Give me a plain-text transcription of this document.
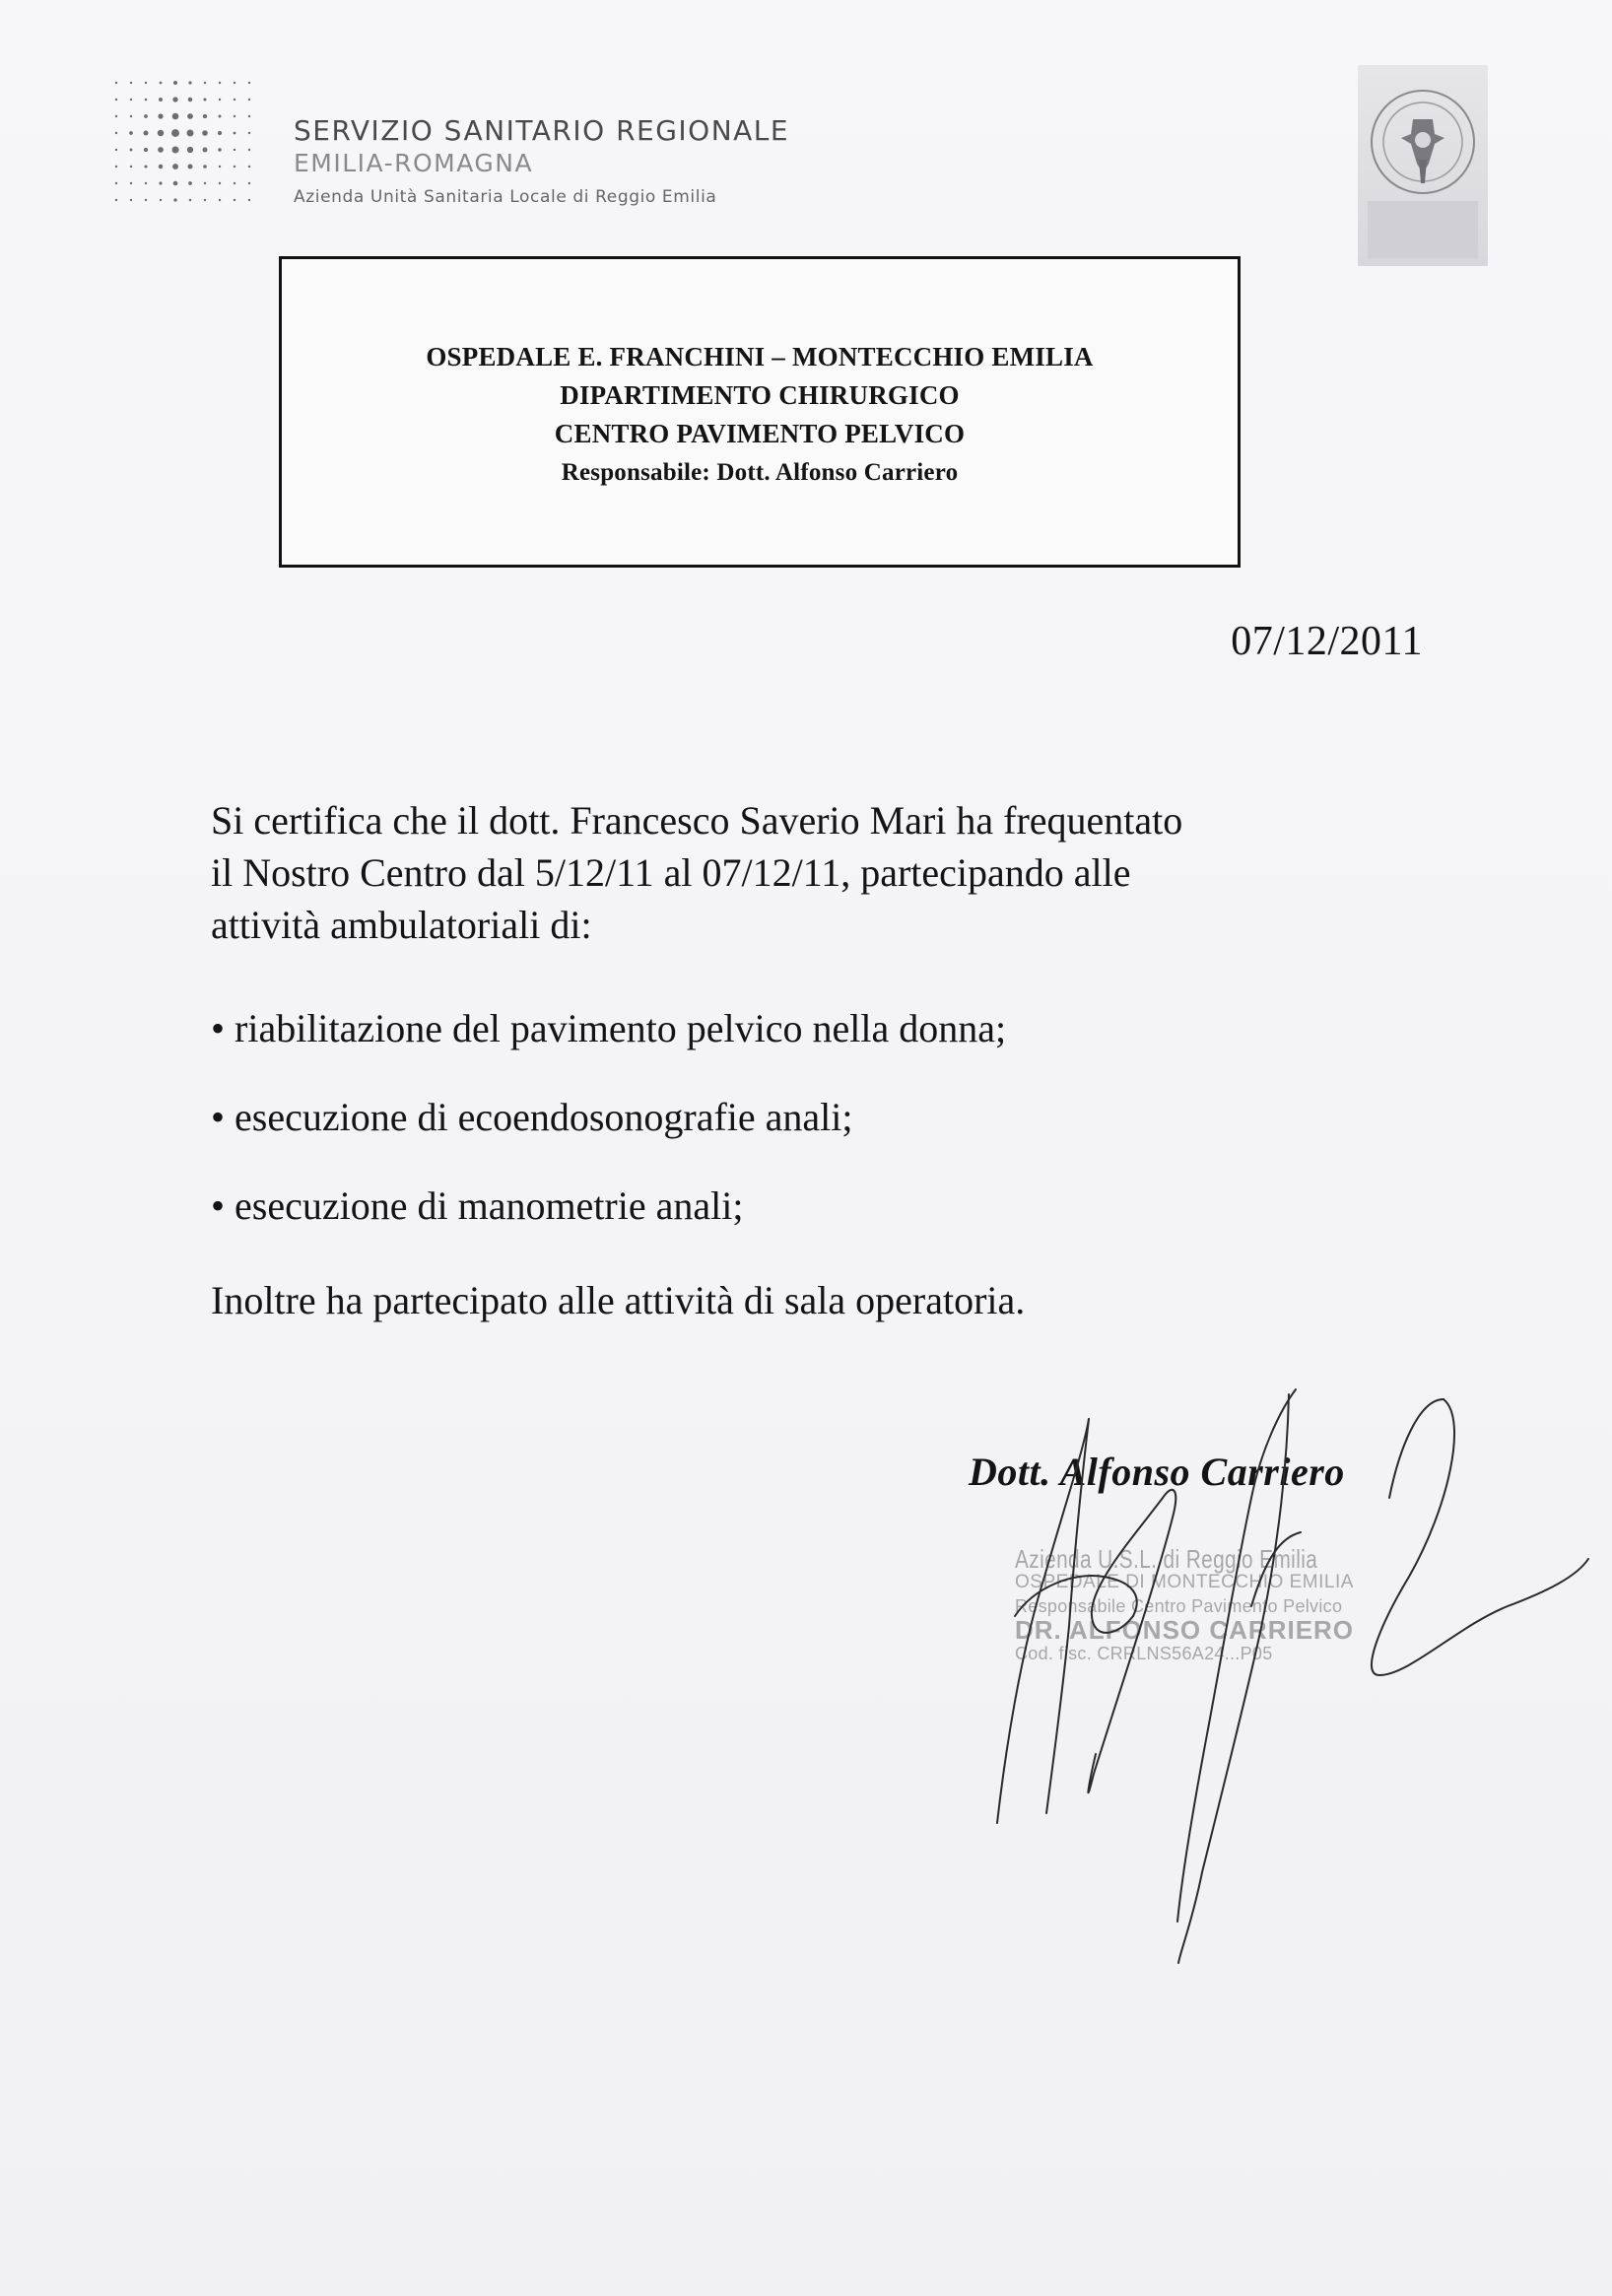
SERVIZIO SANITARIO REGIONALE
EMILIA-ROMAGNA
Azienda Unità Sanitaria Locale di Reggio Emilia
OSPEDALE E. FRANCHINI – MONTECCHIO EMILIA
DIPARTIMENTO CHIRURGICO
CENTRO PAVIMENTO PELVICO
Responsabile: Dott. Alfonso Carriero
07/12/2011

Si certifica che il dott. Francesco Saverio Mari ha frequentato

il Nostro Centro dal 5/12/11 al 07/12/11, partecipando alle

attività ambulatoriali di:

• riabilitazione del pavimento pelvico nella donna;
• esecuzione di ecoendosonografie anali;
• esecuzione di manometrie anali;
Inoltre ha partecipato alle attività di sala operatoria.
Dott. Alfonso Carriero
Azienda U.S.L. di Reggio Emilia
OSPEDALE DI MONTECCHIO EMILIA
Responsabile Centro Pavimento Pelvico
DR. ALFONSO CARRIERO
Cod. fisc. CRRLNS56A24...P05
